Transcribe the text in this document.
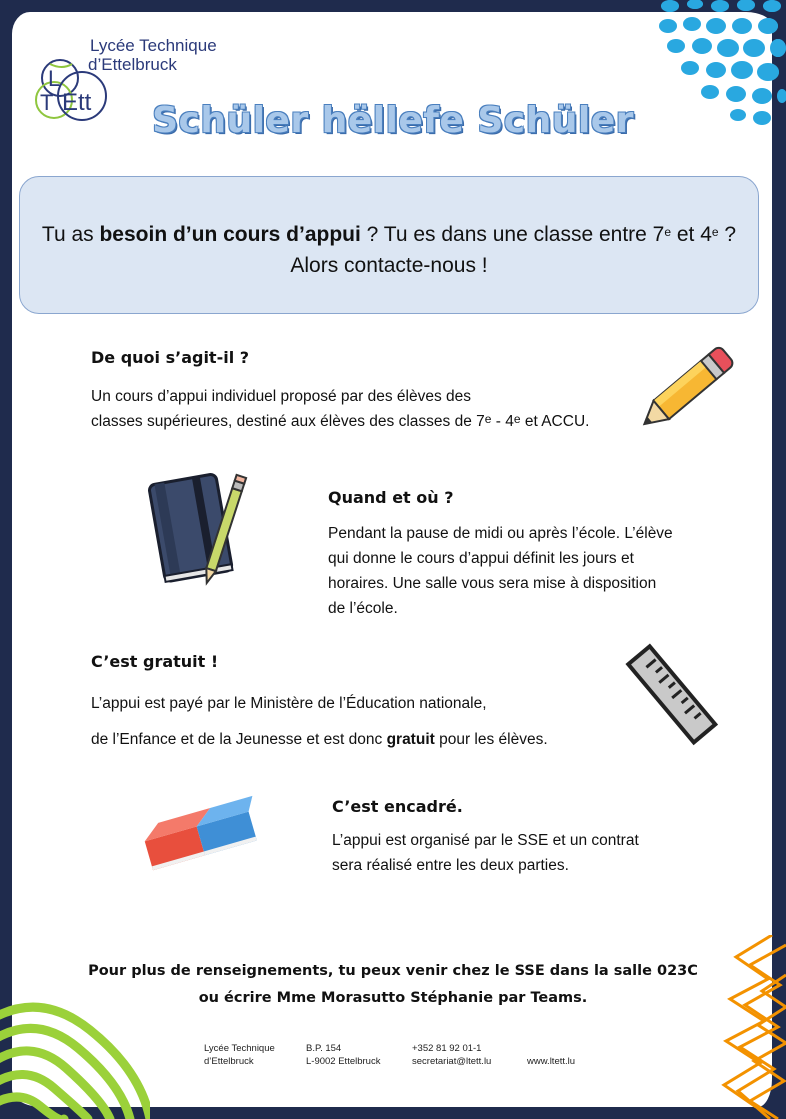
L
T Ett
Lycée Technique
d’Ettelbruck
Schüler hëllefe Schüler
Tu as besoin d’un cours d’appui ? Tu es dans une classe entre 7e et 4e ?
Alors contacte-nous !
De quoi s’agit-il ?
Un cours d’appui individuel proposé par des élèves des
classes supérieures, destiné aux élèves des classes de 7e - 4e et ACCU.
Quand et où ?
Pendant la pause de midi ou après l’école. L’élève
qui donne le cours d’appui définit les jours et
horaires. Une salle vous sera mise à disposition
de l’école.
C’est gratuit !
L’appui est payé par le Ministère de l’Éducation nationale,
de l’Enfance et de la Jeunesse et est donc gratuit pour les élèves.
C’est encadré.
L’appui est organisé par le SSE et un contrat
sera réalisé entre les deux parties.
Pour plus de renseignements, tu peux venir chez le SSE dans la salle 023C
ou écrire Mme Morasutto Stéphanie par Teams.
Lycée Technique
d’Ettelbruck
B.P. 154
L-9002 Ettelbruck
+352 81 92 01-1
secretariat@ltett.lu	www.ltett.lu
